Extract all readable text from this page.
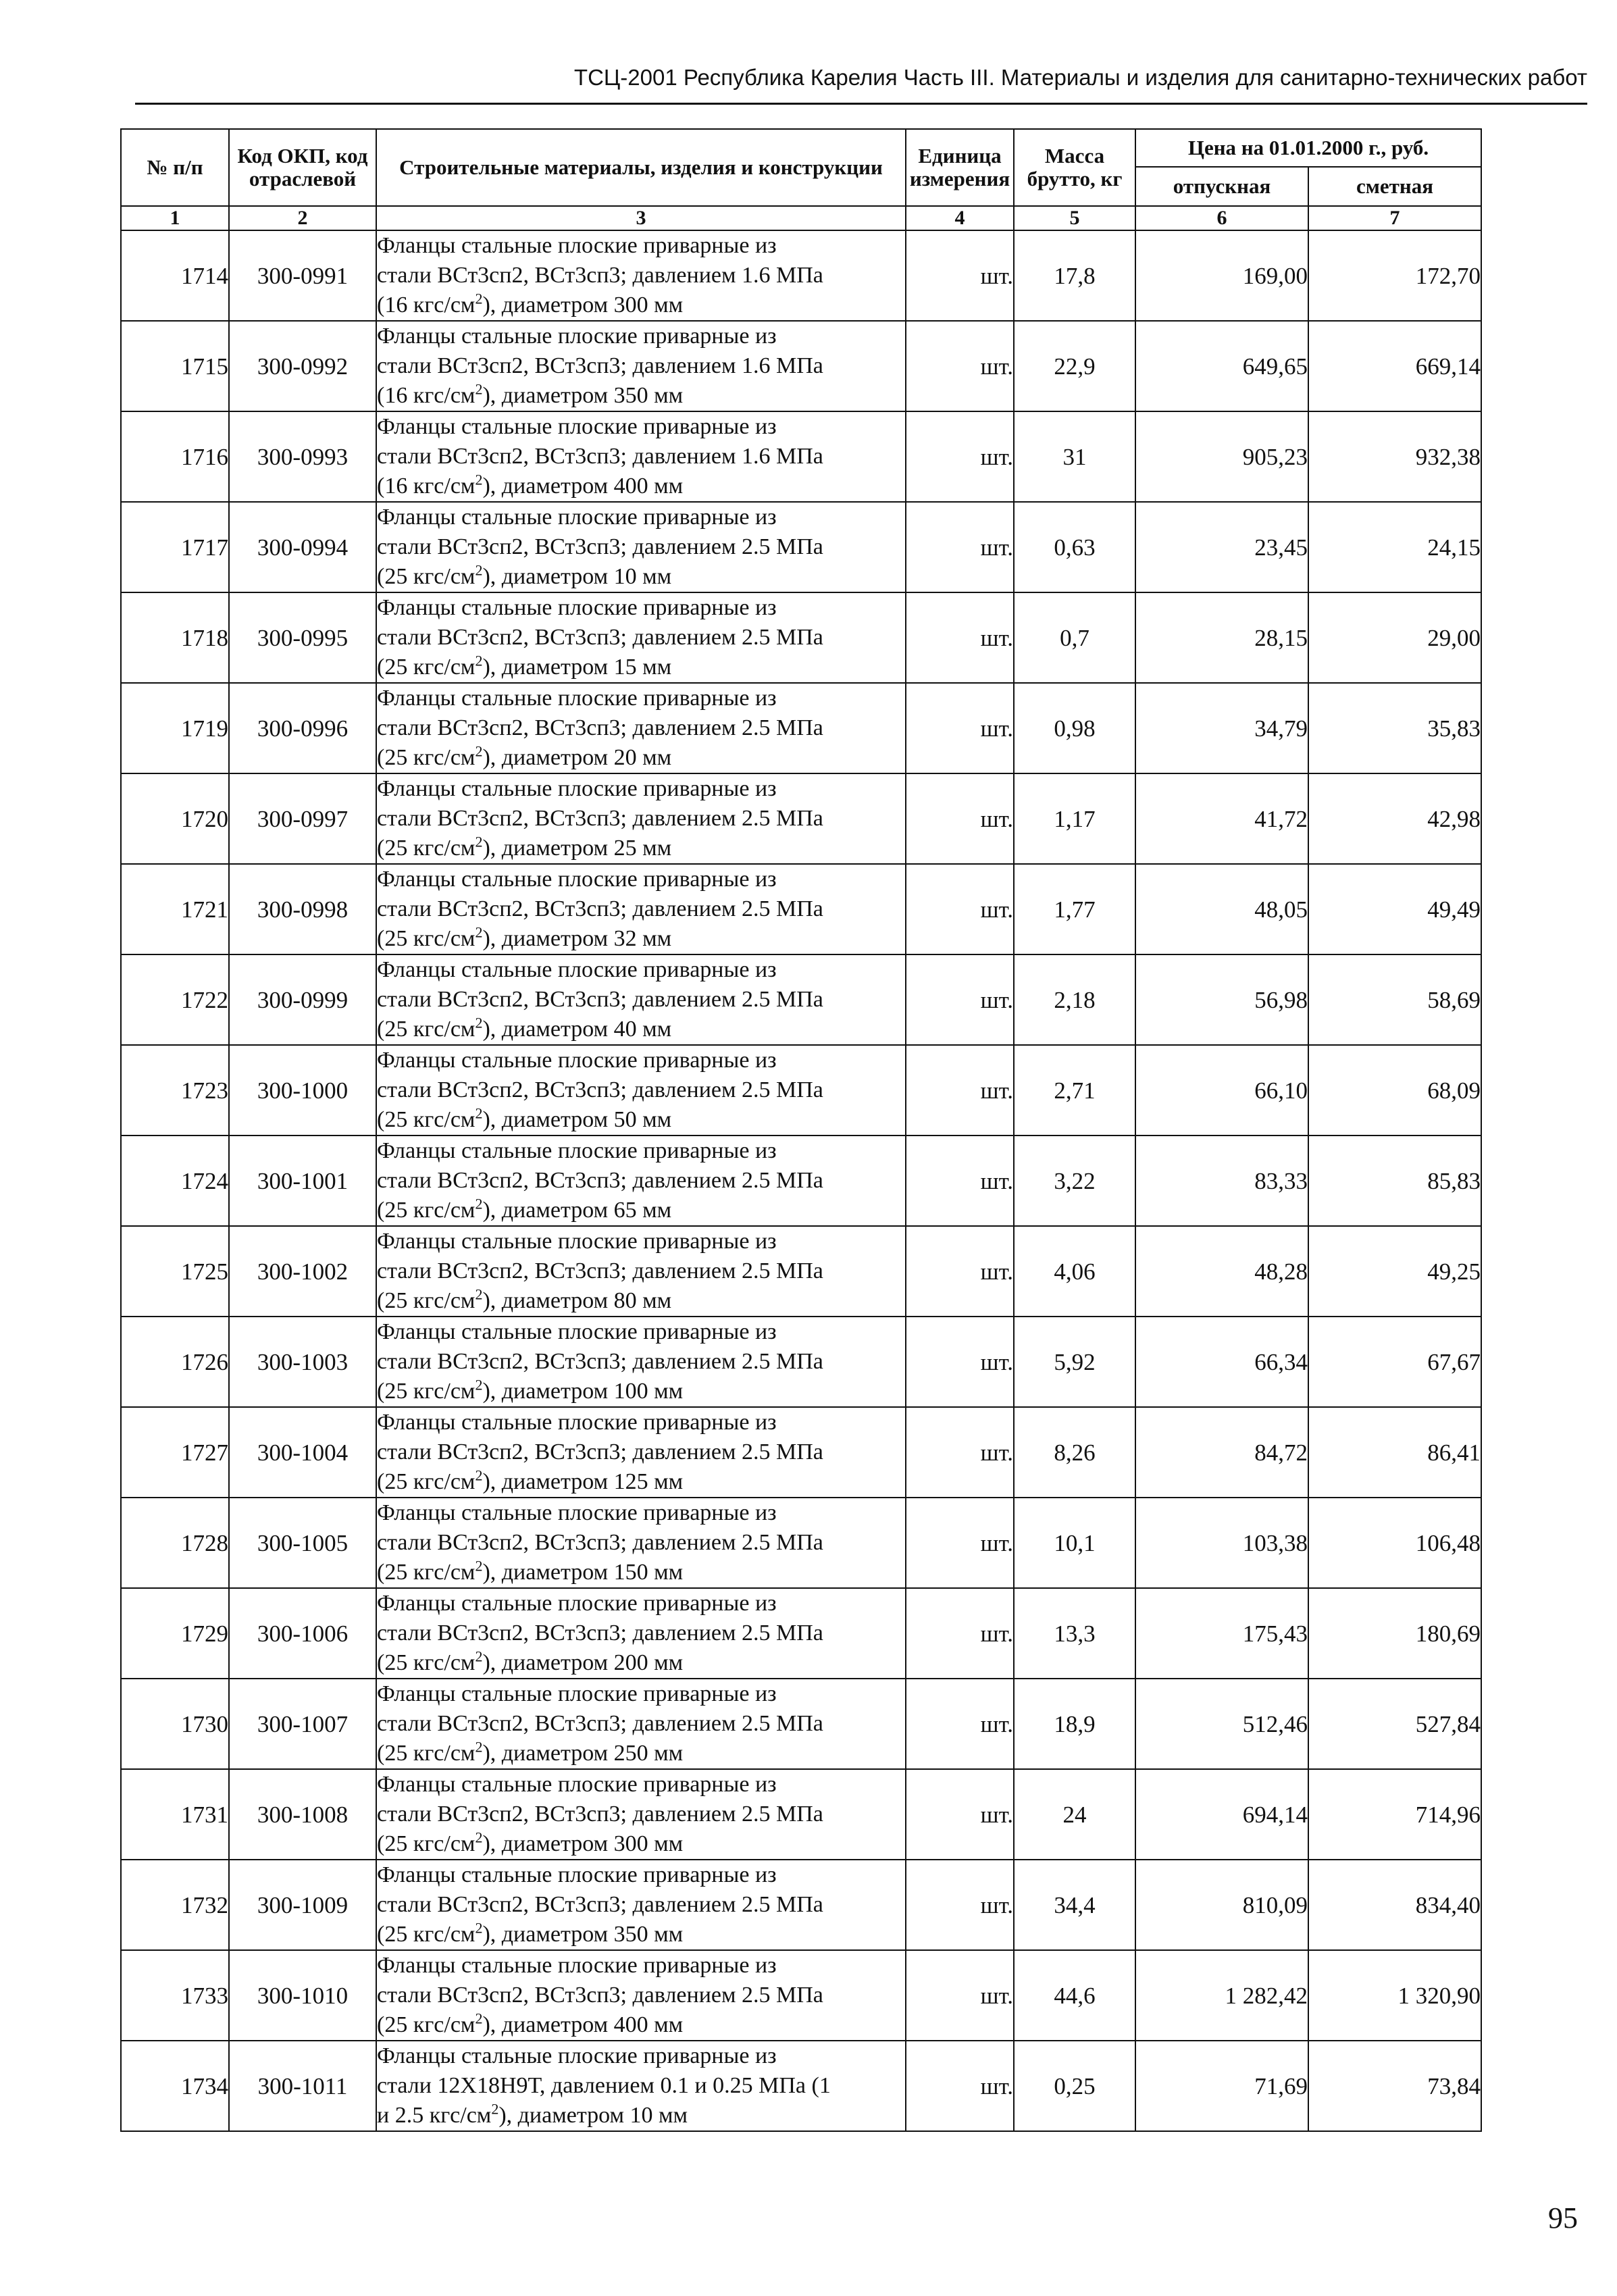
ТСЦ-2001 Республика Карелия Часть III. Материалы и изделия для санитарно-технических работ
№ п/п	Код ОКП, код отраслевой	Строительные материалы, изделия и конструкции	Единица измерения	Масса брутто, кг	Цена на 01.01.2000 г., руб.	
					отпускная	сметная
1	2	3	4	5	6	7
1714	300-0991	Фланцы стальные плоские приварные из
стали ВСт3сп2, ВСт3сп3; давлением 1.6 МПа
(16 кгс/$см^2$), диаметром 300 мм	шт.	17,8	169,00	172,70
1715	300-0992	Фланцы стальные плоские приварные из
стали ВСт3сп2, ВСт3сп3; давлением 1.6 МПа
(16 кгс/$см^2$), диаметром 350 мм	шт.	22,9	649,65	669,14
1716	300-0993	Фланцы стальные плоские приварные из
стали ВСт3сп2, ВСт3сп3; давлением 1.6 МПа
(16 кгс/$см^2$), диаметром 400 мм	шт.	31	905,23	932,38
1717	300-0994	Фланцы стальные плоские приварные из
стали ВСт3сп2, ВСт3сп3; давлением 2.5 МПа
(25 кгс/$см^2$), диаметром 10 мм	шт.	0,63	23,45	24,15
1718	300-0995	Фланцы стальные плоские приварные из
стали ВСт3сп2, ВСт3сп3; давлением 2.5 МПа
(25 кгс/$см^2$), диаметром 15 мм	шт.	0,7	28,15	29,00
1719	300-0996	Фланцы стальные плоские приварные из
стали ВСт3сп2, ВСт3сп3; давлением 2.5 МПа
(25 кгс/$см^2$), диаметром 20 мм	шт.	0,98	34,79	35,83
1720	300-0997	Фланцы стальные плоские приварные из
стали ВСт3сп2, ВСт3сп3; давлением 2.5 МПа
(25 кгс/$см^2$), диаметром 25 мм	шт.	1,17	41,72	42,98
1721	300-0998	Фланцы стальные плоские приварные из
стали ВСт3сп2, ВСт3сп3; давлением 2.5 МПа
(25 кгс/$см^2$), диаметром 32 мм	шт.	1,77	48,05	49,49
1722	300-0999	Фланцы стальные плоские приварные из
стали ВСт3сп2, ВСт3сп3; давлением 2.5 МПа
(25 кгс/$см^2$), диаметром 40 мм	шт.	2,18	56,98	58,69
1723	300-1000	Фланцы стальные плоские приварные из
стали ВСт3сп2, ВСт3сп3; давлением 2.5 МПа
(25 кгс/$см^2$), диаметром 50 мм	шт.	2,71	66,10	68,09
1724	300-1001	Фланцы стальные плоские приварные из
стали ВСт3сп2, ВСт3сп3; давлением 2.5 МПа
(25 кгс/$см^2$), диаметром 65 мм	шт.	3,22	83,33	85,83
1725	300-1002	Фланцы стальные плоские приварные из
стали ВСт3сп2, ВСт3сп3; давлением 2.5 МПа
(25 кгс/$см^2$), диаметром 80 мм	шт.	4,06	48,28	49,25
1726	300-1003	Фланцы стальные плоские приварные из
стали ВСт3сп2, ВСт3сп3; давлением 2.5 МПа
(25 кгс/$см^2$), диаметром 100 мм	шт.	5,92	66,34	67,67
1727	300-1004	Фланцы стальные плоские приварные из
стали ВСт3сп2, ВСт3сп3; давлением 2.5 МПа
(25 кгс/$см^2$), диаметром 125 мм	шт.	8,26	84,72	86,41
1728	300-1005	Фланцы стальные плоские приварные из
стали ВСт3сп2, ВСт3сп3; давлением 2.5 МПа
(25 кгс/$см^2$), диаметром 150 мм	шт.	10,1	103,38	106,48
1729	300-1006	Фланцы стальные плоские приварные из
стали ВСт3сп2, ВСт3сп3; давлением 2.5 МПа
(25 кгс/$см^2$), диаметром 200 мм	шт.	13,3	175,43	180,69
1730	300-1007	Фланцы стальные плоские приварные из
стали ВСт3сп2, ВСт3сп3; давлением 2.5 МПа
(25 кгс/$см^2$), диаметром 250 мм	шт.	18,9	512,46	527,84
1731	300-1008	Фланцы стальные плоские приварные из
стали ВСт3сп2, ВСт3сп3; давлением 2.5 МПа
(25 кгс/$см^2$), диаметром 300 мм	шт.	24	694,14	714,96
1732	300-1009	Фланцы стальные плоские приварные из
стали ВСт3сп2, ВСт3сп3; давлением 2.5 МПа
(25 кгс/$см^2$), диаметром 350 мм	шт.	34,4	810,09	834,40
1733	300-1010	Фланцы стальные плоские приварные из
стали ВСт3сп2, ВСт3сп3; давлением 2.5 МПа
(25 кгс/$см^2$), диаметром 400 мм	шт.	44,6	1 282,42	1 320,90
1734	300-1011	Фланцы стальные плоские приварные из
стали 12Х18Н9Т, давлением 0.1 и 0.25 МПа (1
и 2.5 кгс/$см^2$), диаметром 10 мм	шт.	0,25	71,69	73,84
95
